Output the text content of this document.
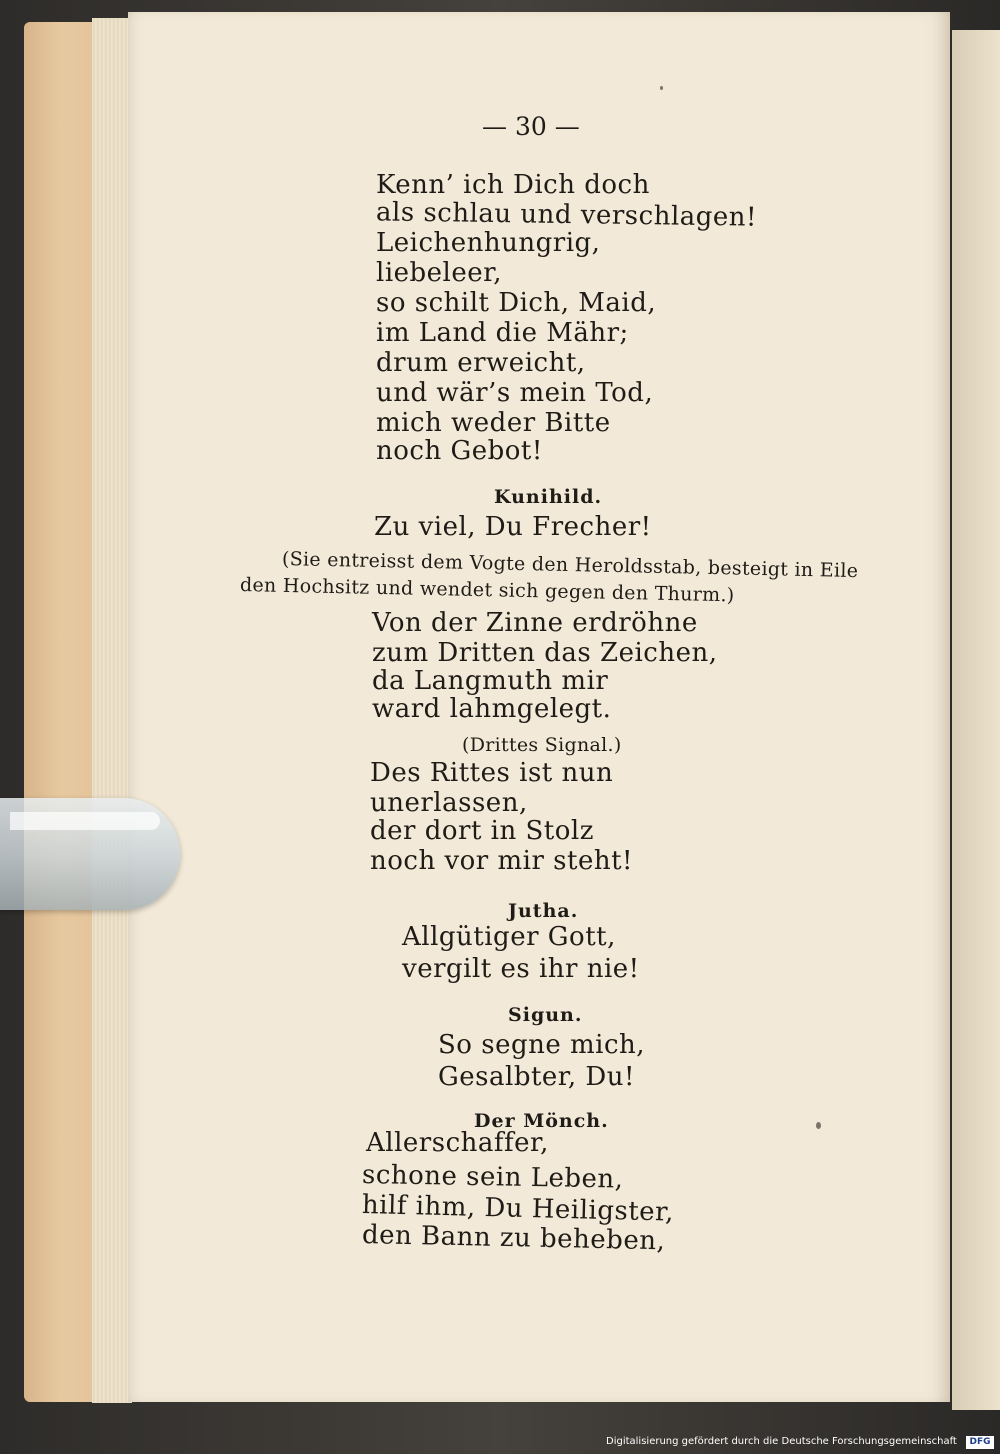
— 30 —
Kenn’ ich Dich doch
als schlau und verschlagen!
Leichenhungrig,
liebeleer,
so schilt Dich, Maid,
im Land die Mähr;
drum erweicht,
und wär’s mein Tod,
mich weder Bitte
noch Gebot!
Kunihild.
Zu viel, Du Frecher!
(Sie entreisst dem Vogte den Heroldsstab, besteigt in Eile
den Hochsitz und wendet sich gegen den Thurm.)
Von der Zinne erdröhne
zum Dritten das Zeichen,
da Langmuth mir
ward lahmgelegt.
(Drittes Signal.)
Des Rittes ist nun
unerlassen,
der dort in Stolz
noch vor mir steht!
Jutha.
Allgütiger Gott,
vergilt es ihr nie!
Sigun.
So segne mich,
Gesalbter, Du!
Der Mönch.
Allerschaffer,
schone sein Leben,
hilf ihm, Du Heiligster,
den Bann zu beheben,
Digitalisierung gefördert durch die Deutsche Forschungsgemeinschaft	DFG
